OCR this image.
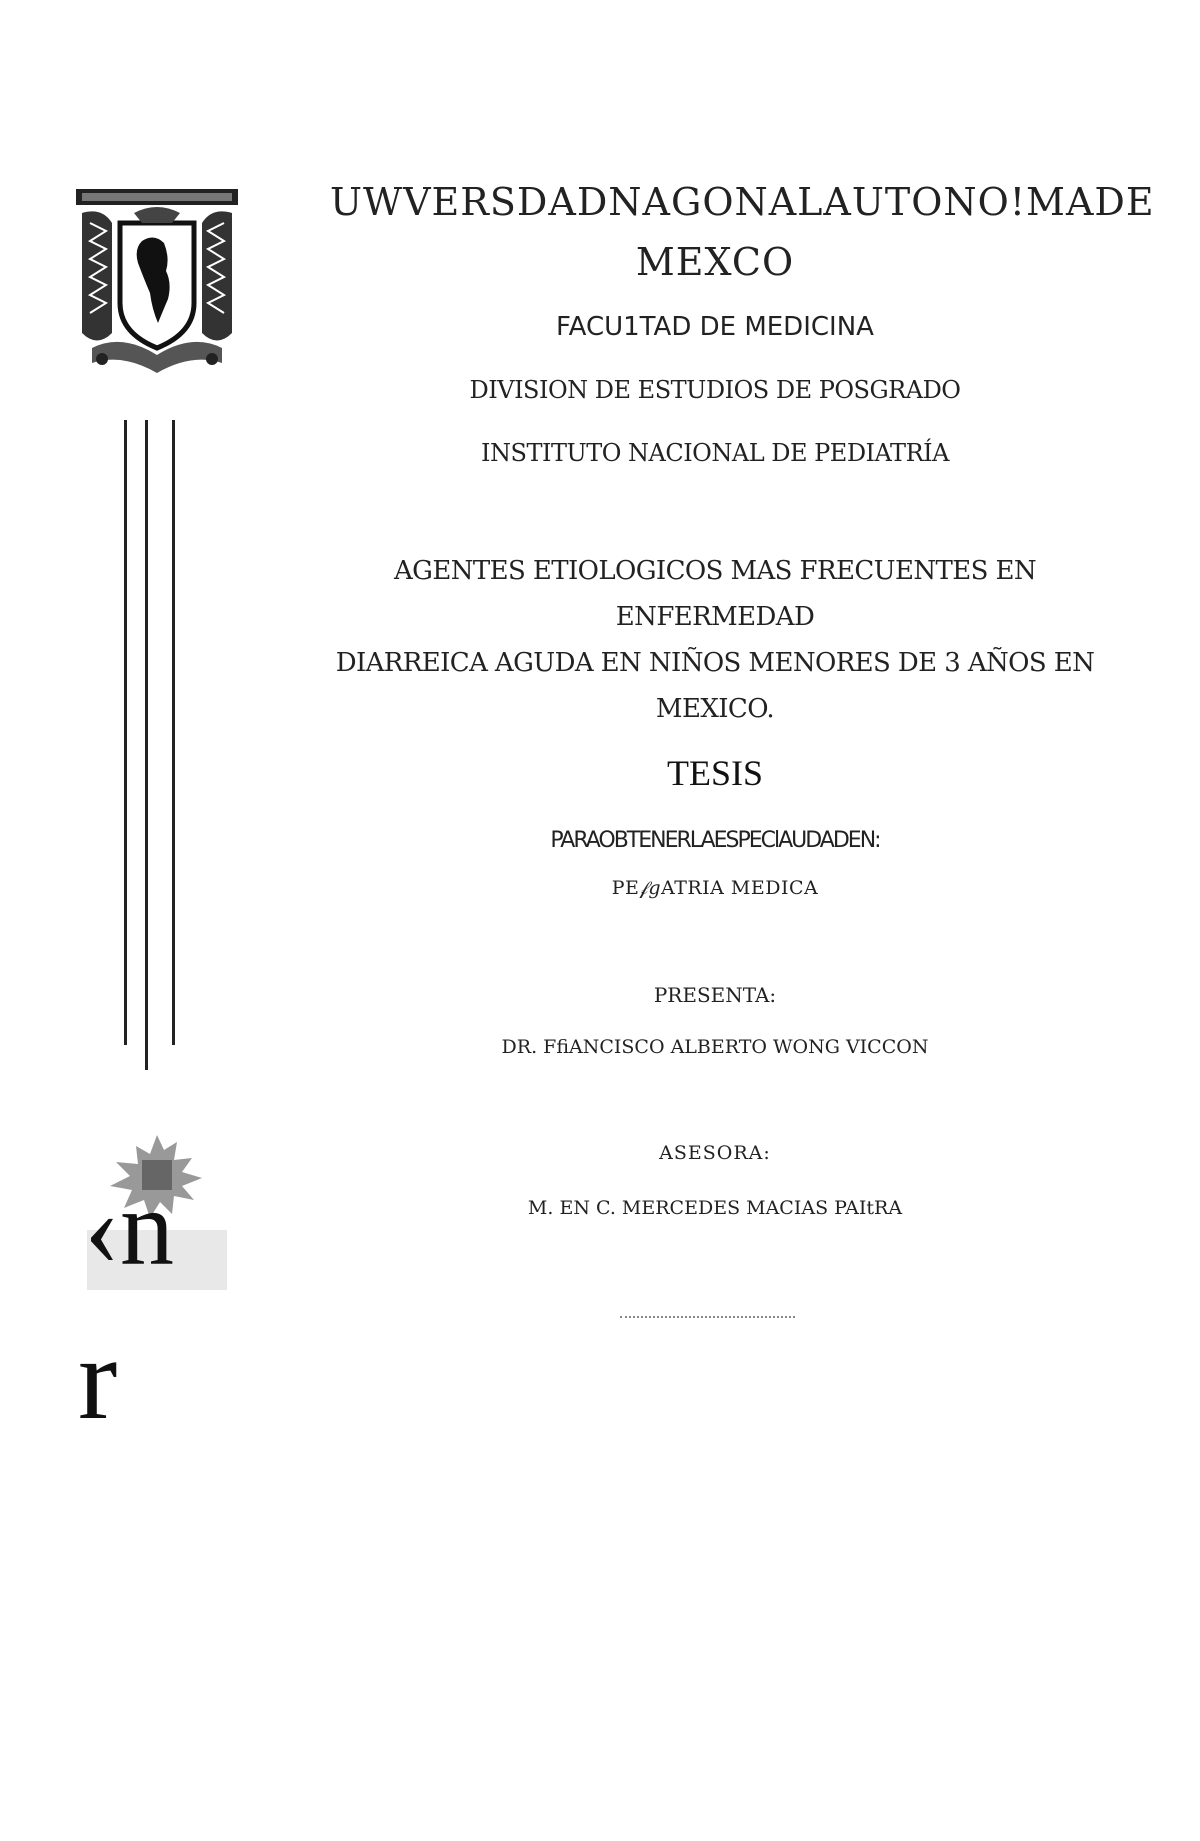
‹n
r
UWVERSDADNAGONALAUTONO!MADE
MEXCO
FACU1TAD DE MEDICINA
DIVISION DE ESTUDIOS DE POSGRADO
INSTITUTO NACIONAL DE PEDIATRÍA
AGENTES ETIOLOGICOS MAS FRECUENTES EN ENFERMEDAD
DIARREICA AGUDA EN NIÑOS MENORES DE 3 AÑOS EN
MEXICO.
TESIS
PARAOBTENERLAESPEClAUDADEN:
PE𝒻𝑔ATRIA MEDICA
PRESENTA:
DR. FfiANCISCO ALBERTO WONG VICCON
ASESORA:
M. EN C. MERCEDES MACIAS PAItRA
